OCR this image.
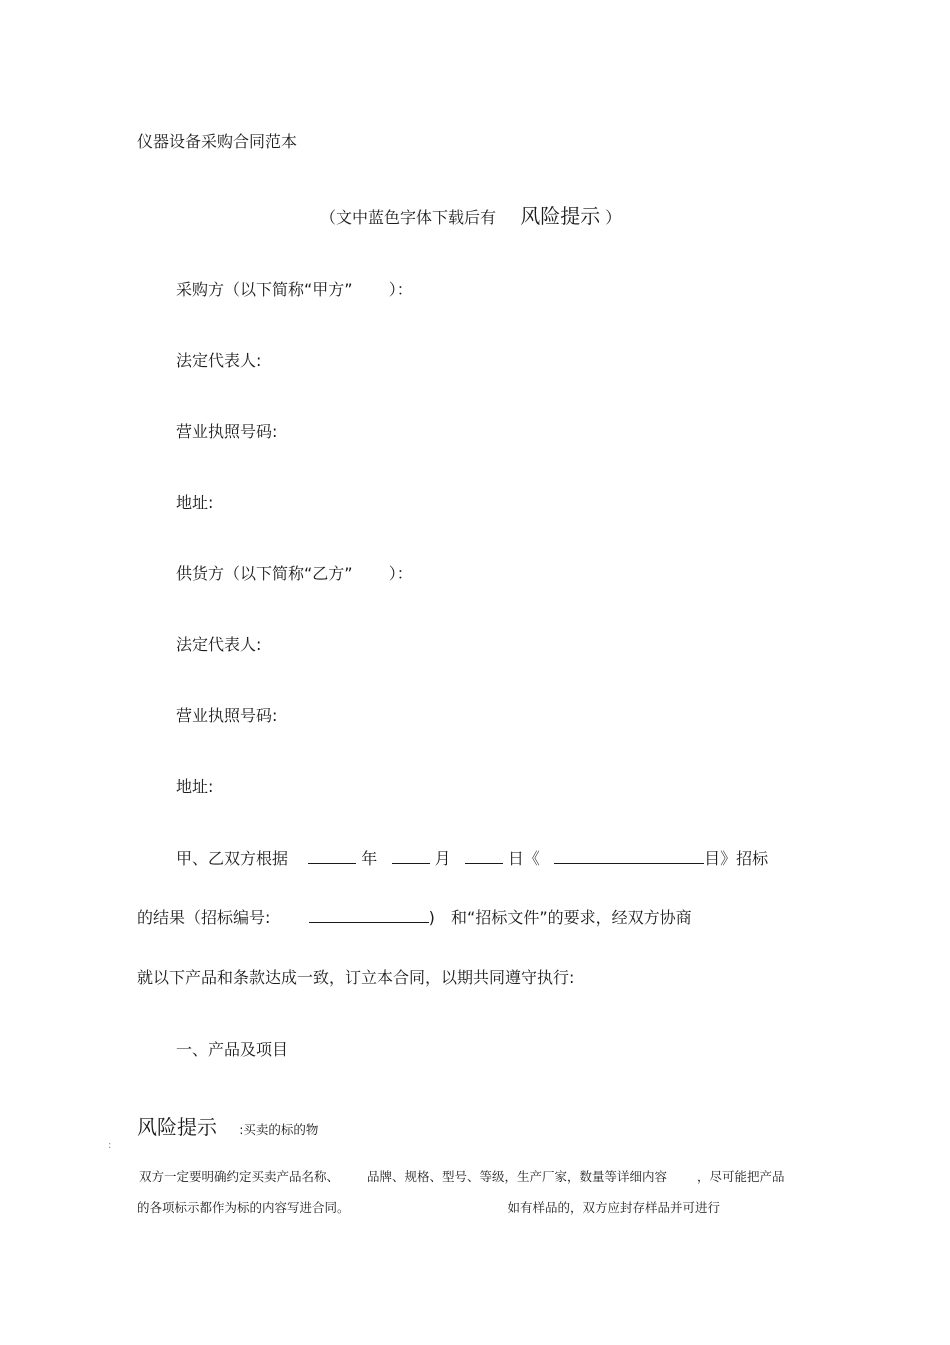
仪器设备采购合同范本
（文中蓝色字体下载后有 风险提示 ）
采购方（以下简称“甲方” ）：
法定代表人:
营业执照号码:
地址:
供货方（以下简称“乙方” ）：
法定代表人:
营业执照号码:
地址:
甲、乙双方根据	年	月	日《	目》招标
的结果（招标编号:	) 和“招标文件”的要求，经双方协商
就以下产品和条款达成一致，订立本合同，以期共同遵守执行:
一、产品及项目
风险提示 :买卖的标的物
:
双方一定要明确约定买卖产品名称、 品牌、规格、型号、等级，生产厂家，数量等详细内容 ，尽可能把产品
的各项标示都作为标的内容写进合同。	如有样品的，双方应封存样品并可进行
